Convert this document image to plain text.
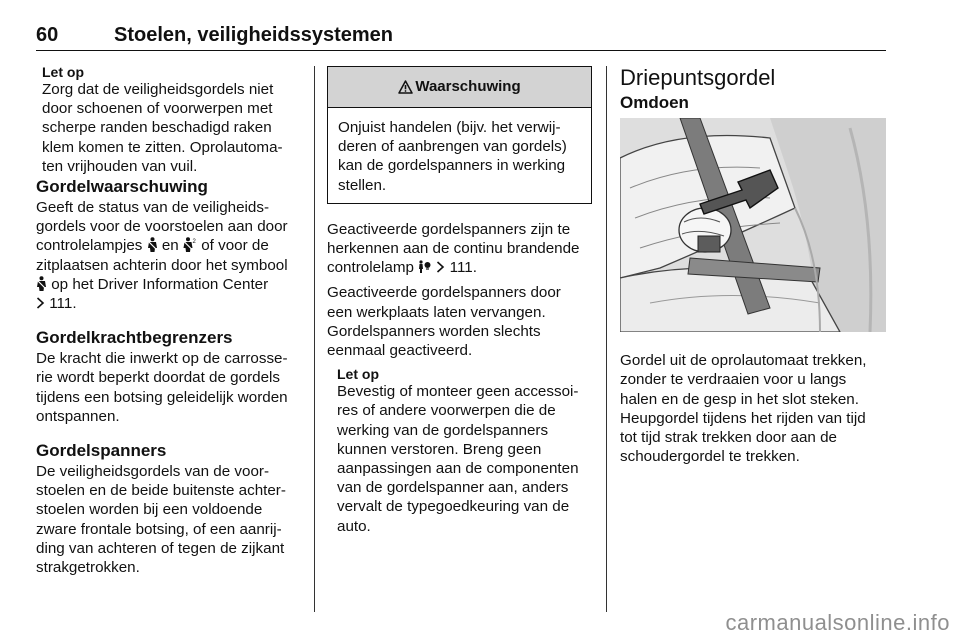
60	Stoelen, veiligheidssystemen

Let op

Zorg dat de veiligheidsgordels niet

door schoenen of voorwerpen met

scherpe randen beschadigd raken

klem komen te zitten. Oprolautoma-

ten vrijhouden van vuil.

Gordelwaarschuwing

Geeft de status van de veiligheids-

gordels voor de voorstoelen aan door

controlelampjes en 2 of voor de

zitplaatsen achterin door het symbool

op het Driver Information Center

111.

Gordelkrachtbegrenzers

De kracht die inwerkt op de carrosse-

rie wordt beperkt doordat de gordels

tijdens een botsing geleidelijk worden

ontspannen.

Gordelspanners

De veiligheidsgordels van de voor-

stoelen en de beide buitenste achter-

stoelen worden bij een voldoende

zware frontale botsing, of een aanrij-

ding van achteren of tegen de zijkant

strakgetrokken.

Waarschuwing

Onjuist handelen (bijv. het verwij-

deren of aanbrengen van gordels)

kan de gordelspanners in werking

stellen.

Geactiveerde gordelspanners zijn te

herkennen aan de continu brandende

controlelamp 111.

Geactiveerde gordelspanners door

een werkplaats laten vervangen.

Gordelspanners worden slechts

eenmaal geactiveerd.

Let op

Bevestig of monteer geen accessoi-

res of andere voorwerpen die de

werking van de gordelspanners

kunnen verstoren. Breng geen

aanpassingen aan de componenten

van de gordelspanner aan, anders

vervalt de typegoedkeuring van de

auto.

Driepuntsgordel

Omdoen

Gordel uit de oprolautomaat trekken,

zonder te verdraaien voor u langs

halen en de gesp in het slot steken.

Heupgordel tijdens het rijden van tijd

tot tijd strak trekken door aan de

schoudergordel te trekken.

carmanualsonline.info
